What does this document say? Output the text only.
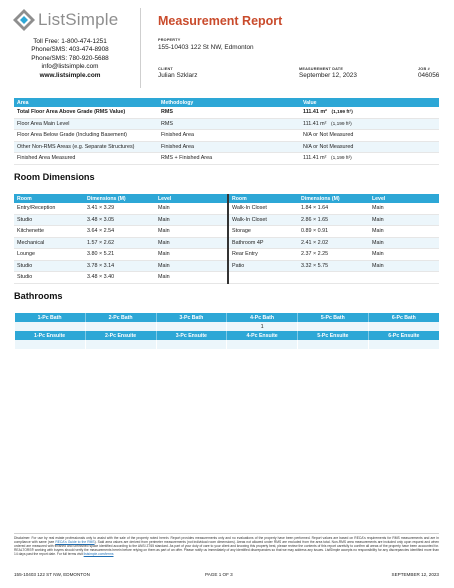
ListSimple
Toll Free: 1-800-474-1251
Phone/SMS: 403-474-8908
Phone/SMS: 780-920-5688
info@listsimple.com
www.listsimple.com
Measurement Report
PROPERTY
155-10403 122 St NW, Edmonton
CLIENT
Julian Szklarz
MEASUREMENT DATE
September 12, 2023
JOB #
046056
Area	Methodology	Value
Total Floor Area Above Grade (RMS Value)	RMS	111.41 m² (1,199 ft²)
Floor Area Main Level	RMS	111.41 m² (1,199 ft²)
Floor Area Below Grade (Including Basement)	Finished Area	N/A or Not Measured
Other Non-RMS Areas (e.g. Separate Structures)	Finished Area	N/A or Not Measured
Finished Area Measured	RMS + Finished Area	111.41 m² (1,199 ft²)
Room Dimensions
Room	Dimensions (M)	Level	Room	Dimensions (M)	Level
Entry/Reception	3.41 × 3.29	Main	Walk-In Closet	1.84 × 1.64	Main
Studio	3.48 × 3.05	Main	Walk-In Closet	2.86 × 1.65	Main
Kitchenette	3.64 × 2.54	Main	Storage	0.89 × 0.91	Main
Mechanical	1.57 × 2.62	Main	Bathroom 4P	2.41 × 2.02	Main
Lounge	3.80 × 5.21	Main	Rear Entry	2.37 × 2.25	Main
Studio	3.78 × 3.14	Main	Patio	3.32 × 5.75	Main
Studio	3.48 × 3.40	Main			
Bathrooms
1-Pc Bath	2-Pc Bath	3-Pc Bath	4-Pc Bath	5-Pc Bath	6-Pc Bath
			1		
1-Pc Ensuite	2-Pc Ensuite	3-Pc Ensuite	4-Pc Ensuite	5-Pc Ensuite	6-Pc Ensuite

Disclaimer: For use by real estate professionals only to assist with the sale of the property noted herein. Report provides measurements only and no evaluations of the property have been performed. Report values are based on RECA's requirements for RMS measurements and are in compliance with same (see RECA's Guide to the RMS). Said area values are derived from perimeter measurements (not individual room dimensions). Areas not allowed under RMS are excluded from the area total. Non-RMS area measurements are included only upon request and when ordered are measured with finished and unfinished space identified according to the ANSI Z765 standard. As part of your duty of care to your client and knowing this property best, please review the contents of this report carefully to confirm all areas of the property have been accounted for. REALTORS® working with buyers should verify the measurements herein before relying on them as part of an offer. Please notify us immediately of any identified discrepancies so that we may address any issues. ListSimple accepts no responsibility for any discrepancies identified more than 14 days past the report date. For full terms visit listsimple.com/terms
155-10403 122 ST NW, EDMONTON	PAGE 1 OF 3	SEPTEMBER 12, 2023
